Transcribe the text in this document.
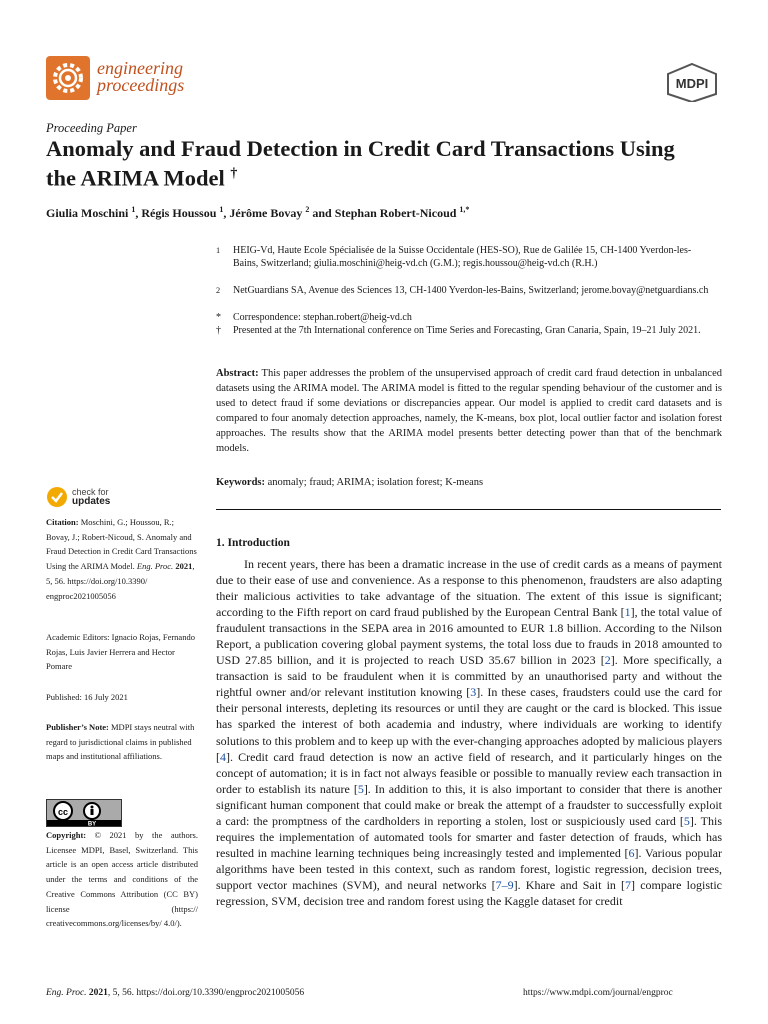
engineering
proceedings	MDPI
Proceeding Paper
Anomaly and Fraud Detection in Credit Card Transactions Using the ARIMA Model †
Giulia Moschini $^1$, Régis Houssou $^1$, Jérôme Bovay $^2$ and Stephan Robert-Nicoud $^{1,*}$
1	HEIG-Vd, Haute Ecole Spécialisée de la Suisse Occidentale (HES-SO), Rue de Galilée 15, CH-1400 Yverdon-les-Bains, Switzerland; giulia.moschini@heig-vd.ch (G.M.); regis.houssou@heig-vd.ch (R.H.)
2	NetGuardians SA, Avenue des Sciences 13, CH-1400 Yverdon-les-Bains, Switzerland; jerome.bovay@netguardians.ch
*	Correspondence: stephan.robert@heig-vd.ch
†	Presented at the 7th International conference on Time Series and Forecasting, Gran Canaria, Spain, 19–21 July 2021.
Abstract: This paper addresses the problem of the unsupervised approach of credit card fraud detection in unbalanced datasets using the ARIMA model. The ARIMA model is fitted to the regular spending behaviour of the customer and is used to detect fraud if some deviations or discrepancies appear. Our model is applied to credit card datasets and is compared to four anomaly detection approaches, namely, the K-means, box plot, local outlier factor and isolation forest approaches. The results show that the ARIMA model presents better detecting power than that of the benchmark models.
Keywords: anomaly; fraud; ARIMA; isolation forest; K-means
check for
updates
Citation: Moschini, G.; Houssou, R.; Bovay, J.; Robert-Nicoud, S. Anomaly and Fraud Detection in Credit Card Transactions Using the ARIMA Model. Eng. Proc. 2021, 5, 56. https://doi.org/10.3390/ engproc2021005056
Academic Editors: Ignacio Rojas, Fernando Rojas, Luis Javier Herrera and Hector Pomare
Published: 16 July 2021
Publisher’s Note: MDPI stays neutral with regard to jurisdictional claims in published maps and institutional affiliations.
cc
BY
Copyright: © 2021 by the authors. Licensee MDPI, Basel, Switzerland. This article is an open access article distributed under the terms and conditions of the Creative Commons Attribution (CC BY) license (https:// creativecommons.org/licenses/by/ 4.0/).
1. Introduction
In recent years, there has been a dramatic increase in the use of credit cards as a means of payment due to their ease of use and convenience. As a response to this phenomenon, fraudsters are also adapting their malicious activities to take advantage of the situation. The extent of this issue is significant; according to the Fifth report on card fraud published by the European Central Bank [1], the total value of fraudulent transactions in the SEPA area in 2016 amounted to EUR 1.8 billion. According to the Nilson Report, a publication covering global payment systems, the total loss due to frauds in 2018 amounted to USD 27.85 billion, and it is projected to reach USD 35.67 billion in 2023 [2]. More specifically, a transaction is said to be fraudulent when it is committed by an unauthorised party and without the rightful owner and/or relevant institution knowing [3]. In these cases, fraudsters could use the card for their personal interests, depleting its resources or until they are caught or the card is blocked. This issue has sparked the interest of both academia and industry, where individuals are working to identify solutions to this problem and to keep up with the ever-changing approaches adopted by malicious players [4]. Credit card fraud detection is now an active field of research, and it particularly hinges on the concept of automation; it is in fact not always feasible or possible to manually review each transaction in order to establish its nature [5]. In addition to this, it is also important to consider that there is another significant human component that could make or break the attempt of a fraudster to successfully exploit a card: the promptness of the cardholders in reporting a stolen, lost or suspiciously used card [5]. This requires the implementation of automated tools for smarter and faster detection of frauds, which has resulted in machine learning techniques being increasingly tested and implemented [6]. Various popular algorithms have been tested in this context, such as random forest, logistic regression, decision trees, support vector machines (SVM), and neural networks [7–9]. Khare and Sait in [7] compare logistic regression, SVM, decision tree and random forest using the Kaggle dataset for credit
Eng. Proc. 2021, 5, 56. https://doi.org/10.3390/engproc2021005056	https://www.mdpi.com/journal/engproc
